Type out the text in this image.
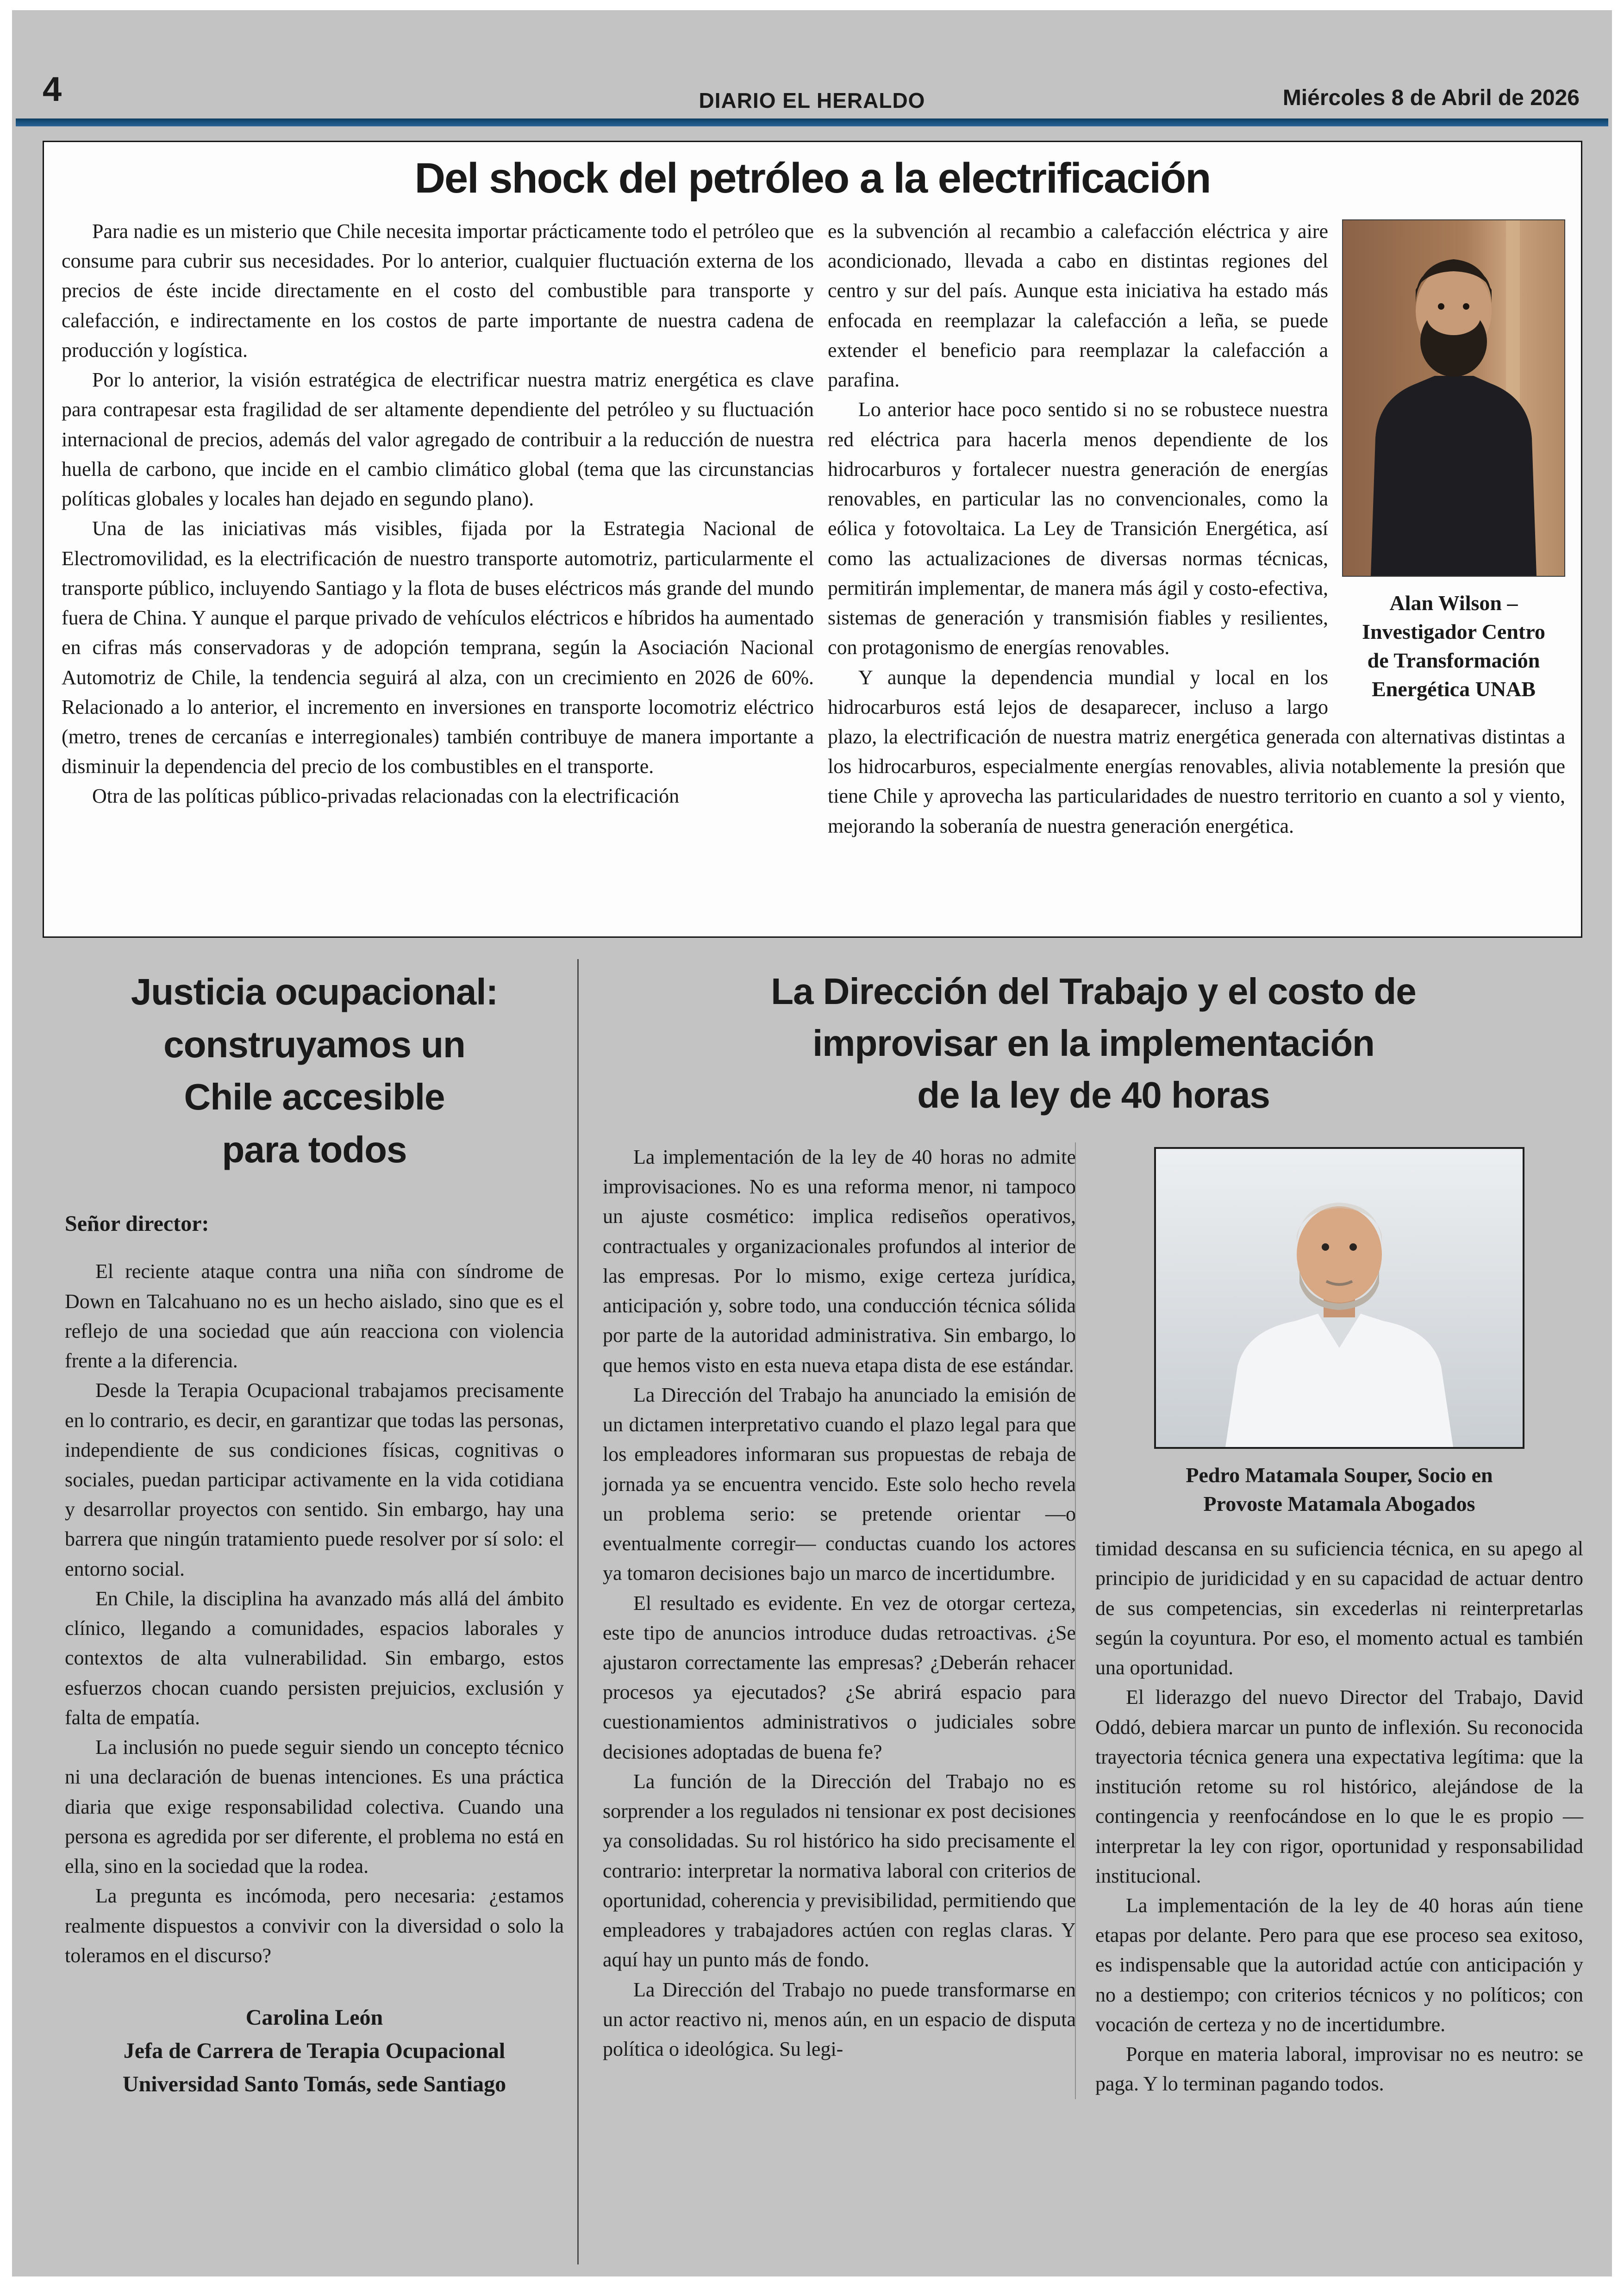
4	DIARIO EL HERALDO	Miércoles 8 de Abril de 2026
Del shock del petróleo a la electrificación

Para nadie es un misterio que Chile necesita importar prácticamente todo el petróleo que consume para cubrir sus necesidades. Por lo anterior, cualquier fluctuación externa de los precios de éste incide directamente en el costo del combustible para transporte y calefacción, e indirectamente en los costos de parte importante de nuestra cadena de producción y logística.

Por lo anterior, la visión estratégica de electrificar nuestra matriz energética es clave para contrapesar esta fragilidad de ser altamente dependiente del petróleo y su fluctuación internacional de precios, además del valor agregado de contribuir a la reducción de nuestra huella de carbono, que incide en el cambio climático global (tema que las circunstancias políticas globales y locales han dejado en segundo plano).

Una de las iniciativas más visibles, fijada por la Estrategia Nacional de Electromovilidad, es la electrificación de nuestro transporte automotriz, particularmente el transporte público, incluyendo Santiago y la flota de buses eléctricos más grande del mundo fuera de China. Y aunque el parque privado de vehículos eléctricos e híbridos ha aumentado en cifras más conservadoras y de adopción temprana, según la Asociación Nacional Automotriz de Chile, la tendencia seguirá al alza, con un crecimiento en 2026 de 60%. Relacionado a lo anterior, el incremento en inversiones en transporte locomotriz eléctrico (metro, trenes de cercanías e interregionales) también contribuye de manera importante a disminuir la dependencia del precio de los combustibles en el transporte.

Otra de las políticas público-privadas relacionadas con la electrificación

Alan Wilson –
Investigador Centro
de Transformación
Energética UNAB

es la subvención al recambio a calefacción eléctrica y aire acondicionado, llevada a cabo en distintas regiones del centro y sur del país. Aunque esta iniciativa ha estado más enfocada en reemplazar la calefacción a leña, se puede extender el beneficio para reemplazar la calefacción a parafina.

Lo anterior hace poco sentido si no se robustece nuestra red eléctrica para hacerla menos dependiente de los hidrocarburos y fortalecer nuestra generación de energías renovables, en particular las no convencionales, como la eólica y fotovoltaica. La Ley de Transición Energética, así como las actualizaciones de diversas normas técnicas, permitirán implementar, de manera más ágil y costo-efectiva, sistemas de generación y transmisión fiables y resilientes, con protagonismo de energías renovables.

Y aunque la dependencia mundial y local en los hidrocarburos está lejos de desaparecer, incluso a largo plazo, la electrificación de nuestra matriz energética generada con alternativas distintas a los hidrocarburos, especialmente energías renovables, alivia notablemente la presión que tiene Chile y aprovecha las particularidades de nuestro territorio en cuanto a sol y viento, mejorando la soberanía de nuestra generación energética.

Justicia ocupacional:
construyamos un
Chile accesible
para todos
Señor director:

El reciente ataque contra una niña con síndrome de Down en Talcahuano no es un hecho aislado, sino que es el reflejo de una sociedad que aún reacciona con violencia frente a la diferencia.

Desde la Terapia Ocupacional trabajamos precisamente en lo contrario, es decir, en garantizar que todas las personas, independiente de sus condiciones físicas, cognitivas o sociales, puedan participar activamente en la vida cotidiana y desarrollar proyectos con sentido. Sin embargo, hay una barrera que ningún tratamiento puede resolver por sí solo: el entorno social.

En Chile, la disciplina ha avanzado más allá del ámbito clínico, llegando a comunidades, espacios laborales y contextos de alta vulnerabilidad. Sin embargo, estos esfuerzos chocan cuando persisten prejuicios, exclusión y falta de empatía.

La inclusión no puede seguir siendo un concepto técnico ni una declaración de buenas intenciones. Es una práctica diaria que exige responsabilidad colectiva. Cuando una persona es agredida por ser diferente, el problema no está en ella, sino en la sociedad que la rodea.

La pregunta es incómoda, pero necesaria: ¿estamos realmente dispuestos a convivir con la diversidad o solo la toleramos en el discurso?

Carolina León
Jefa de Carrera de Terapia Ocupacional
Universidad Santo Tomás, sede Santiago
La Dirección del Trabajo y el costo de
improvisar en la implementación
de la ley de 40 horas

La implementación de la ley de 40 horas no admite improvisaciones. No es una reforma menor, ni tampoco un ajuste cosmético: implica rediseños operativos, contractuales y organizacionales profundos al interior de las empresas. Por lo mismo, exige certeza jurídica, anticipación y, sobre todo, una conducción técnica sólida por parte de la autoridad administrativa. Sin embargo, lo que hemos visto en esta nueva etapa dista de ese estándar.

La Dirección del Trabajo ha anunciado la emisión de un dictamen interpretativo cuando el plazo legal para que los empleadores informaran sus propuestas de rebaja de jornada ya se encuentra vencido. Este solo hecho revela un problema serio: se pretende orientar —o eventualmente corregir— conductas cuando los actores ya tomaron decisiones bajo un marco de incertidumbre.

El resultado es evidente. En vez de otorgar certeza, este tipo de anuncios introduce dudas retroactivas. ¿Se ajustaron correctamente las empresas? ¿Deberán rehacer procesos ya ejecutados? ¿Se abrirá espacio para cuestionamientos administrativos o judiciales sobre decisiones adoptadas de buena fe?

La función de la Dirección del Trabajo no es sorprender a los regulados ni tensionar ex post decisiones ya consolidadas. Su rol histórico ha sido precisamente el contrario: interpretar la normativa laboral con criterios de oportunidad, coherencia y previsibilidad, permitiendo que empleadores y trabajadores actúen con reglas claras. Y aquí hay un punto más de fondo.

La Dirección del Trabajo no puede transformarse en un actor reactivo ni, menos aún, en un espacio de disputa política o ideológica. Su legi-

Pedro Matamala Souper, Socio en
Provoste Matamala Abogados

timidad descansa en su suficiencia técnica, en su apego al principio de juridicidad y en su capacidad de actuar dentro de sus competencias, sin excederlas ni reinterpretarlas según la coyuntura. Por eso, el momento actual es también una oportunidad.

El liderazgo del nuevo Director del Trabajo, David Oddó, debiera marcar un punto de inflexión. Su reconocida trayectoria técnica genera una expectativa legítima: que la institución retome su rol histórico, alejándose de la contingencia y reenfocándose en lo que le es propio —interpretar la ley con rigor, oportunidad y responsabilidad institucional.

La implementación de la ley de 40 horas aún tiene etapas por delante. Pero para que ese proceso sea exitoso, es indispensable que la autoridad actúe con anticipación y no a destiempo; con criterios técnicos y no políticos; con vocación de certeza y no de incertidumbre.

Porque en materia laboral, improvisar no es neutro: se paga. Y lo terminan pagando todos.
